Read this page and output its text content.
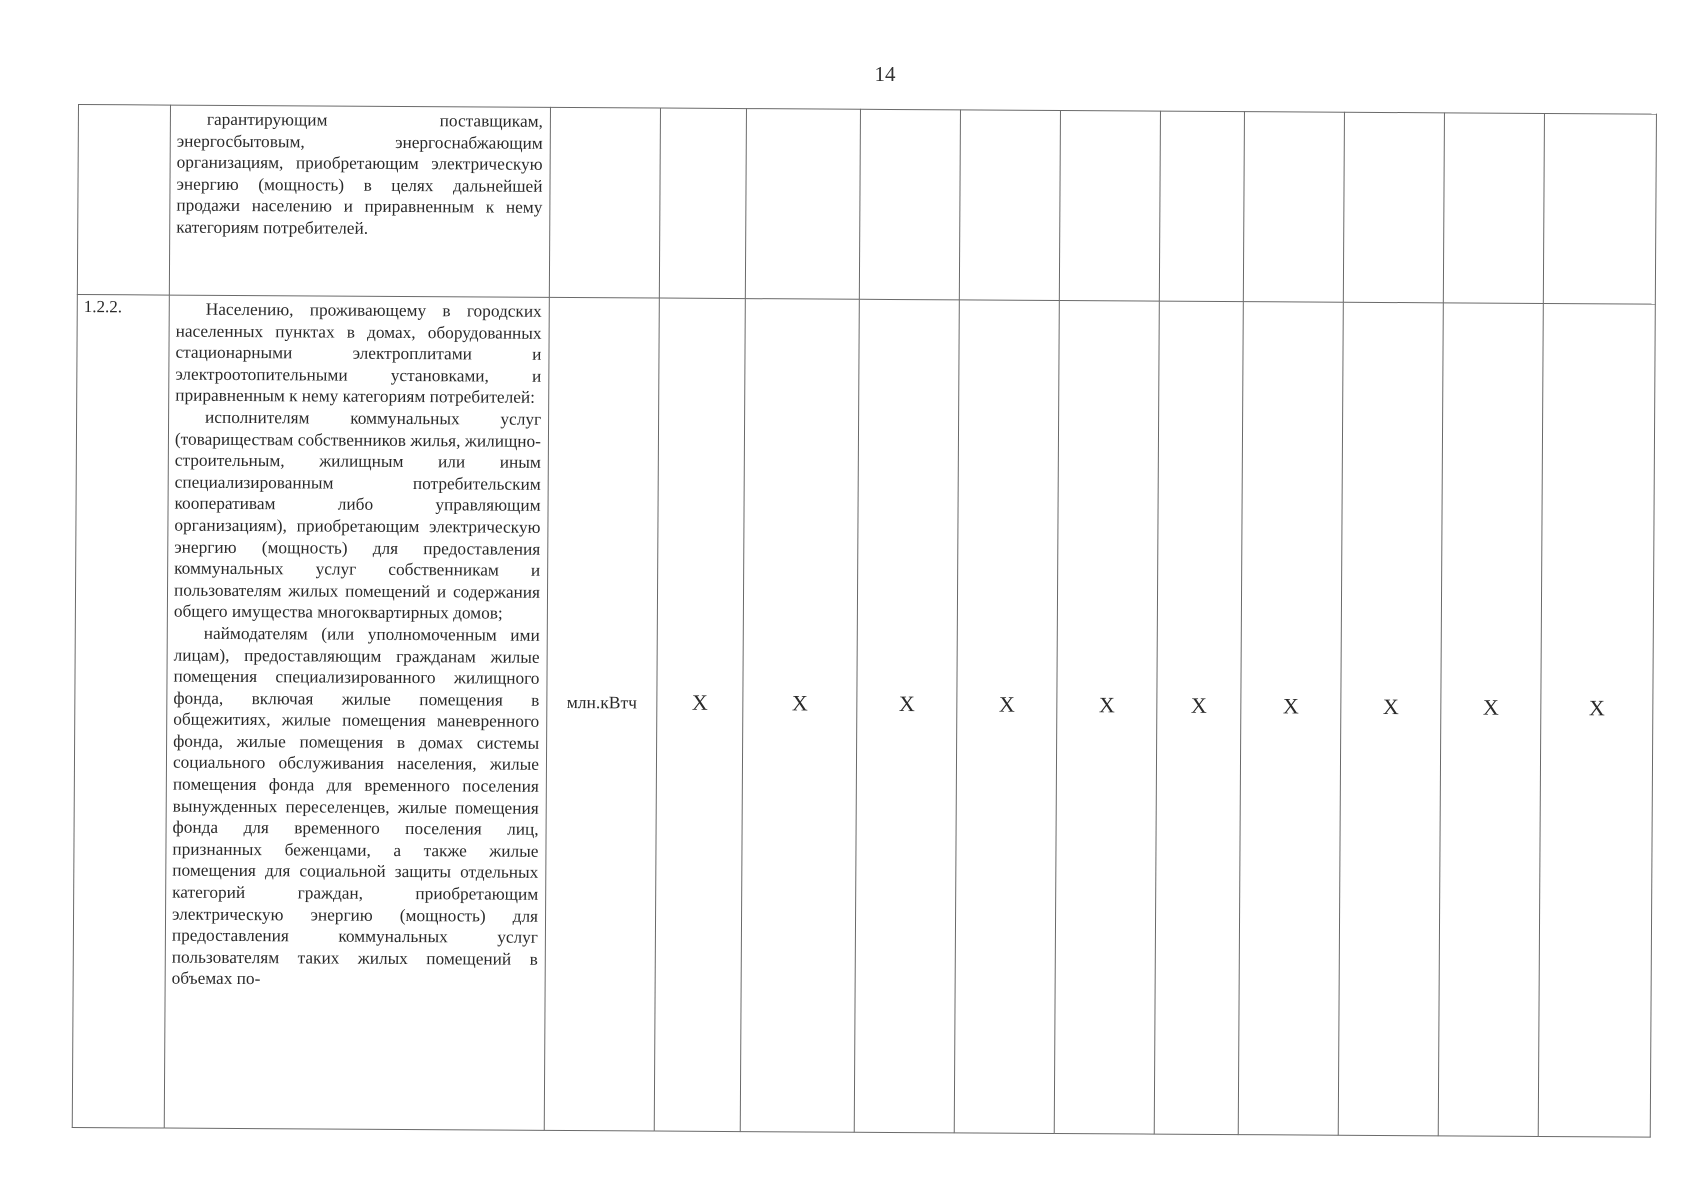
14

	гарантирующим поставщикам, энергосбытовым, энергоснабжающим организациям, приобретающим электрическую энергию (мощность) в целях дальнейшей продажи населению и приравненным к нему категориям потребителей.											

1.2.2.	Населению, проживающему в городских населенных пунктах в домах, оборудованных стационарными электроплитами и электроотопительными установками, и приравненным к нему категориям потребителей:

исполнителям коммунальных услуг (товариществам собственников жилья, жилищно-строительным, жилищным или иным специализированным потребительским кооперативам либо управляющим организациям), приобретающим электрическую энергию (мощность) для предоставления коммунальных услуг собственникам и пользователям жилых помещений и содержания общего имущества многоквартирных домов;

наймодателям (или уполномоченным ими лицам), предоставляющим гражданам жилые помещения специализированного жилищного фонда, включая жилые помещения в общежитиях, жилые помещения маневренного фонда, жилые помещения в домах системы социального обслуживания населения, жилые помещения фонда для временного поселения вынужденных переселенцев, жилые помещения фонда для временного поселения лиц, признанных беженцами, а также жилые помещения для социальной защиты отдельных категорий граждан, приобретающим электрическую энергию (мощность) для предоставления коммунальных услуг пользователям таких жилых помещений в объемах по-	млн.кВтч	X	X	X	X	X	X	X	X	X	X
